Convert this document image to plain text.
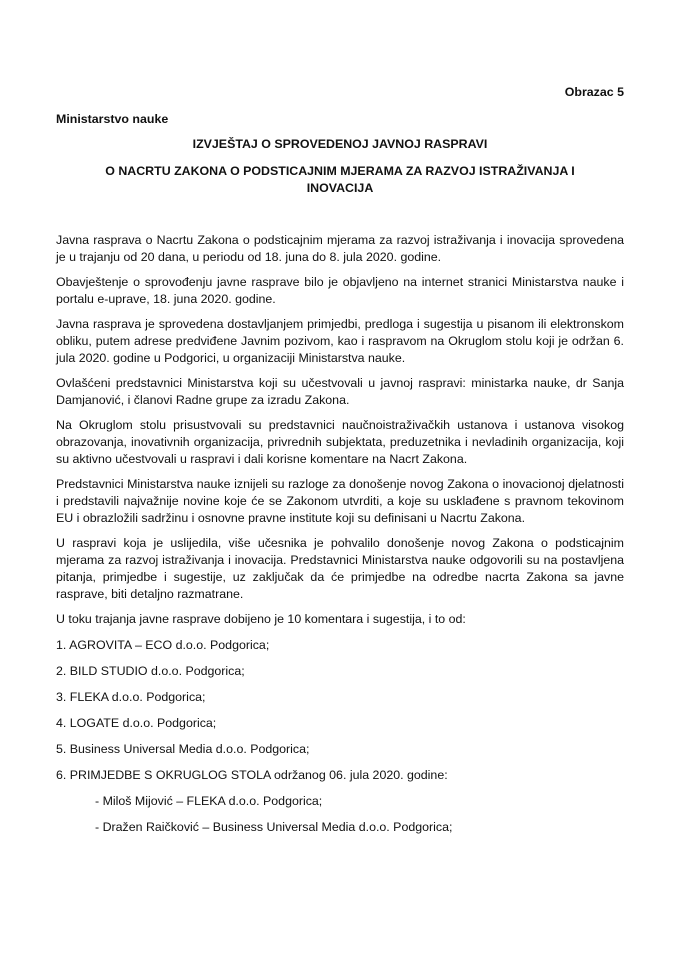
Obrazac 5
Ministarstvo nauke
IZVJEŠTAJ O SPROVEDENOJ JAVNOJ RASPRAVI
O NACRTU ZAKONA O PODSTICAJNIM MJERAMA ZA RAZVOJ ISTRAŽIVANJA I INOVACIJA

Javna rasprava o Nacrtu Zakona o podsticajnim mjerama za razvoj istraživanja i inovacija sprovedena je u trajanju od 20 dana, u periodu od 18. juna do 8. jula 2020. godine.

Obavještenje o sprovođenju javne rasprave bilo je objavljeno na internet stranici Ministarstva nauke i portalu e-uprave, 18. juna 2020. godine.

Javna rasprava je sprovedena dostavljanjem primjedbi, predloga i sugestija u pisanom ili elektronskom obliku, putem adrese predviđene Javnim pozivom, kao i raspravom na Okruglom stolu koji je održan 6. jula 2020. godine u Podgorici, u organizaciji Ministarstva nauke.

Ovlašćeni predstavnici Ministarstva koji su učestvovali u javnoj raspravi: ministarka nauke, dr Sanja Damjanović, i članovi Radne grupe za izradu Zakona.

Na Okruglom stolu prisustvovali su predstavnici naučnoistraživačkih ustanova i ustanova visokog obrazovanja, inovativnih organizacija, privrednih subjektata, preduzetnika i nevladinih organizacija, koji su aktivno učestvovali u raspravi i dali korisne komentare na Nacrt Zakona.

Predstavnici Ministarstva nauke iznijeli su razloge za donošenje novog Zakona o inovacionoj djelatnosti i predstavili najvažnije novine koje će se Zakonom utvrditi, a koje su usklađene s pravnom tekovinom EU i obrazložili sadržinu i osnovne pravne institute koji su definisani u Nacrtu Zakona.

U raspravi koja je uslijedila, više učesnika je pohvalilo donošenje novog Zakona o podsticajnim mjerama za razvoj istraživanja i inovacija. Predstavnici Ministarstva nauke odgovorili su na postavljena pitanja, primjedbe i sugestije, uz zaključak da će primjedbe na odredbe nacrta Zakona sa javne rasprave, biti detaljno razmatrane.

U toku trajanja javne rasprave dobijeno je 10 komentara i sugestija, i to od:

1. AGROVITA – ECO d.o.o. Podgorica;
2. BILD STUDIO d.o.o. Podgorica;
3. FLEKA d.o.o. Podgorica;
4. LOGATE d.o.o. Podgorica;
5. Business Universal Media d.o.o. Podgorica;
6. PRIMJEDBE S OKRUGLOG STOLA održanog 06. jula 2020. godine:
- Miloš Mijović – FLEKA d.o.o. Podgorica;
- Dražen Raičković – Business Universal Media d.o.o. Podgorica;
